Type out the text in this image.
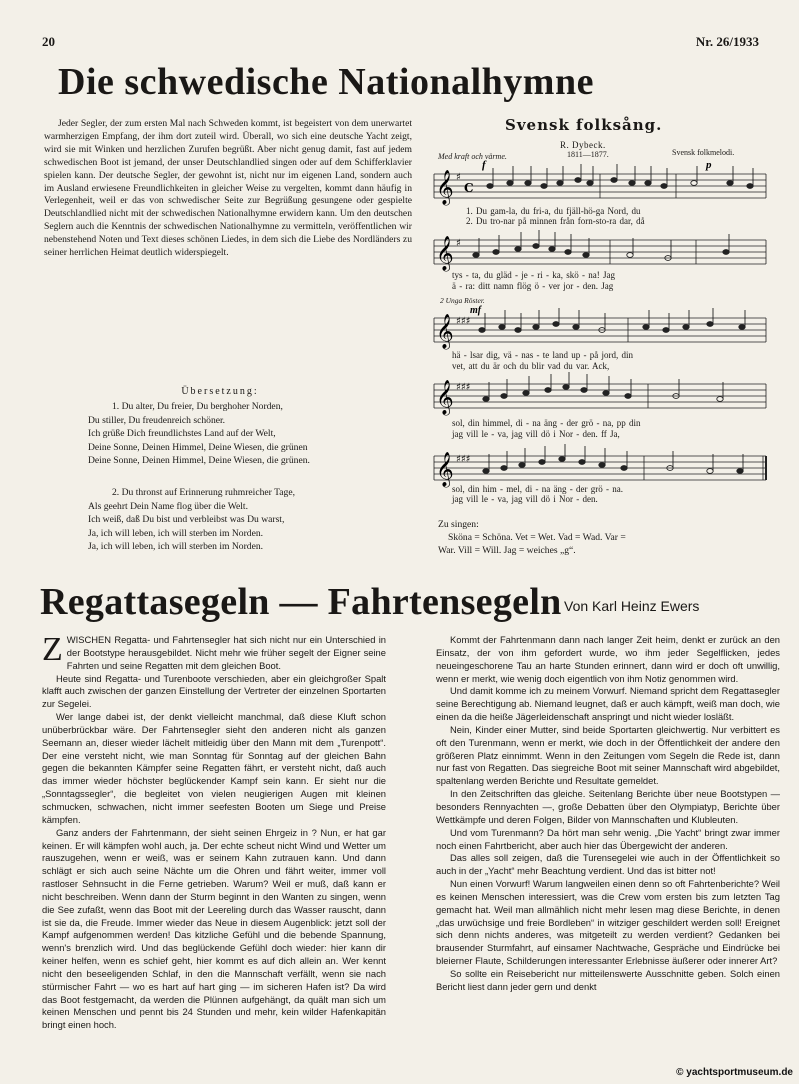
20	Nr. 26/1933
Die schwedische Nationalhymne

Jeder Segler, der zum ersten Mal nach Schweden kommt, ist begeistert von dem unerwartet warmherzigen Empfang, der ihm dort zuteil wird. Überall, wo sich eine deutsche Yacht zeigt, wird sie mit Winken und herzlichen Zurufen begrüßt. Aber nicht genug damit, fast auf jedem schwedischen Boot ist jemand, der unser Deutschlandlied singen oder auf dem Schifferklavier spielen kann. Der deutsche Segler, der gewohnt ist, nicht nur im eigenen Land, sondern auch im Ausland erwiesene Freundlichkeiten in gleicher Weise zu vergelten, kommt dann häufig in Verlegenheit, weil er das von schwedischer Seite zur Begrüßung gesungene oder gespielte Deutschlandlied nicht mit der schwedischen Nationalhymne erwidern kann. Um den deutschen Seglern auch die Kenntnis der schwedischen Nationalhymne zu vermitteln, veröffentlichen wir nebenstehend Noten und Text dieses schönen Liedes, in dem sich die Liebe des Nordländers zu seiner herrlichen Heimat deutlich widerspiegelt.

Übersetzung:
1. Du alter, Du freier, Du berghoher Norden,
Du stiller, Du freudenreich schöner.
Ich grüße Dich freundlichstes Land auf der Welt,
Deine Sonne, Deinen Himmel, Deine Wiesen, die grünen
Deine Sonne, Deinen Himmel, Deine Wiesen, die grünen.
2. Du thronst auf Erinnerung ruhmreicher Tage,
Als geehrt Dein Name flog über die Welt.
Ich weiß, daß Du bist und verbleibst was Du warst,
Ja, ich will leben, ich will sterben im Norden.
Ja, ich will leben, ich will sterben im Norden.
Svensk folksång.
R. Dybeck.
1811—1877.	Svensk folkmelodi.
Med kraft och värme.
𝄞 ♯
C
f	p
1. Du gam-la, du fri-a, du fjäll-hö-ga Nord, du
2. Du tro-nar på minnen från forn-sto-ra dar, då
𝄞 ♯
tys - ta, du gläd - je - ri - ka, skö - na! Jag
ä - ra: ditt namn flög ö - ver jor - den. Jag
2 Unga Röster.
𝄞 ♯♯♯
mf
hä - lsar dig, vä - nas - te land up - på jord, din
vet, att du är och du blir vad du var. Ack,
𝄞 ♯♯♯
sol, din himmel, di - na äng - der grö - na, pp din
jag vill le - va, jag vill dö i Nor - den. ff Ja,
𝄞 ♯♯♯
sol, din him - mel, di - na äng - der grö - na.
jag vill le - va, jag vill dö i Nor - den.
Zu singen:
Sköna = Schöna. Vet = Wet. Vad = Wad. Var =
War. Vill = Will. Jag = weiches „g“.
Regattasegeln — Fahrtensegeln Von Karl Heinz Ewers
Z WISCHEN Regatta- und Fahrtensegler hat sich nicht nur ein Unterschied in der Bootstype herausgebildet. Nicht mehr wie früher segelt der Eigner seine Fahrten und seine Regatten mit dem gleichen Boot.

Heute sind Regatta- und Turenboote verschieden, aber ein gleichgroßer Spalt klafft auch zwischen der ganzen Einstellung der Vertreter der einzelnen Sportarten zur Segelei.

Wer lange dabei ist, der denkt vielleicht manchmal, daß diese Kluft schon unüberbrückbar wäre. Der Fahrtensegler sieht den anderen nicht als ganzen Seemann an, dieser wieder lächelt mitleidig über den Mann mit dem „Turenpott“. Der eine versteht nicht, wie man Sonntag für Sonntag auf der gleichen Bahn gegen die bekannten Kämpfer seine Regatten fährt, er versteht nicht, daß auch das immer wieder höchster beglückender Kampf sein kann. Er sieht nur die „Sonntagssegler“, die begleitet von vielen neugierigen Augen mit kleinen schmucken, schwachen, nicht immer seefesten Booten um Siege und Preise kämpfen.

Ganz anders der Fahrtenmann, der sieht seinen Ehrgeiz in ? Nun, er hat gar keinen. Er will kämpfen wohl auch, ja. Der echte scheut nicht Wind und Wetter um rauszugehen, wenn er weiß, was er seinem Kahn zutrauen kann. Und dann schlägt er sich auch seine Nächte um die Ohren und fährt weiter, immer voll rastloser Sehnsucht in die Ferne getrieben. Warum? Weil er muß, daß kann er nicht beschreiben. Wenn dann der Sturm beginnt in den Wanten zu singen, wenn die See zufaßt, wenn das Boot mit der Leereling durch das Wasser rauscht, dann ist sie da, die Freude. Immer wieder das Neue in diesem Augenblick: jetzt soll der Kampf aufgenommen werden! Das kitzliche Gefühl und die bebende Spannung, wenn's brenzlich wird. Und das beglückende Gefühl doch wieder: hier kann dir keiner helfen, wenn es schief geht, hier kommt es auf dich allein an. Wer kennt nicht den beseeligenden Schlaf, in den die Mannschaft verfällt, wenn sie nach stürmischer Fahrt — wo es hart auf hart ging — im sicheren Hafen ist? Da wird das Boot festgemacht, da werden die Plünnen aufgehängt, da quält man sich um keinen Menschen und pennt bis 24 Stunden und mehr, kein wilder Hafenkapitän bringt einen hoch.

Kommt der Fahrtenmann dann nach langer Zeit heim, denkt er zurück an den Einsatz, der von ihm gefordert wurde, wo ihm jeder Segelflicken, jedes neueingeschorene Tau an harte Stunden erinnert, dann wird er doch oft unwillig, wenn er merkt, wie wenig doch eigentlich von ihm Notiz genommen wird.

Und damit komme ich zu meinem Vorwurf. Niemand spricht dem Regattasegler seine Berechtigung ab. Niemand leugnet, daß er auch kämpft, weiß man doch, wie einen da die heiße Jägerleidenschaft anspringt und nicht wieder losläßt.

Nein, Kinder einer Mutter, sind beide Sportarten gleichwertig. Nur verbittert es oft den Turenmann, wenn er merkt, wie doch in der Öffentlichkeit der andere den größeren Platz einnimmt. Wenn in den Zeitungen vom Segeln die Rede ist, dann nur fast von Regatten. Das siegreiche Boot mit seiner Mannschaft wird abgebildet, spaltenlang werden Berichte und Resultate gemeldet.

In den Zeitschriften das gleiche. Seitenlang Berichte über neue Bootstypen — besonders Rennyachten —, große Debatten über den Olympiatyp, Berichte über Wettkämpfe und deren Folgen, Bilder von Mannschaften und Klubleuten.

Und vom Turenmann? Da hört man sehr wenig. „Die Yacht“ bringt zwar immer noch einen Fahrtbericht, aber auch hier das Übergewicht der anderen.

Das alles soll zeigen, daß die Turensegelei wie auch in der Öffentlichkeit so auch in der „Yacht“ mehr Beachtung verdient. Und das ist bitter not!

Nun einen Vorwurf! Warum langweilen einen denn so oft Fahrtenberichte? Weil es keinen Menschen interessiert, was die Crew vom ersten bis zum letzten Tag gemacht hat. Weil man allmählich nicht mehr lesen mag diese Berichte, in denen „das urwüchsige und freie Bordleben“ in witziger geschildert werden soll! Ereignet sich denn nichts anderes, was mitgeteilt zu werden verdient? Gedanken bei brausender Sturmfahrt, auf einsamer Nachtwache, Gespräche und Eindrücke bei bleierner Flaute, Schilderungen interessanter Erlebnisse äußerer oder innerer Art?

So sollte ein Reisebericht nur mitteilenswerte Ausschnitte geben. Solch einen Bericht liest dann jeder gern und denkt

© yachtsportmuseum.de
